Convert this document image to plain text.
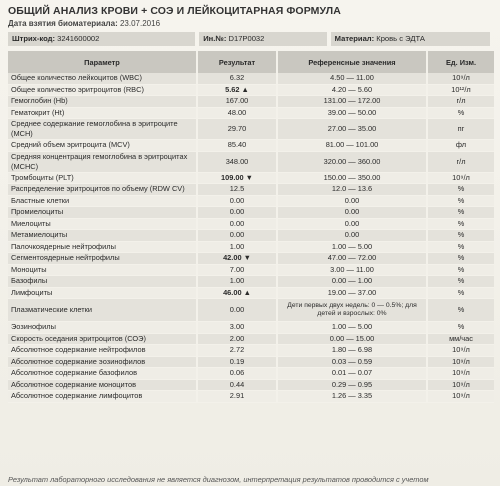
ОБЩИЙ АНАЛИЗ КРОВИ + СОЭ И ЛЕЙКОЦИТАРНАЯ ФОРМУЛА
Дата взятия биоматериала: 23.07.2016
Штрих-код: 3241600002	Ин.№: D17P0032	Материал: Кровь с ЭДТА
Параметр	Результат	Референсные значения	Ед. Изм.
Общее количество лейкоцитов (WBC)	6.32	4.50 — 11.00	10⁹/л
Общее количество эритроцитов (RBC)	5.62 ▲	4.20 — 5.60	10¹²/л
Гемоглобин (Hb)	167.00	131.00 — 172.00	г/л
Гематокрит (Ht)	48.00	39.00 — 50.00	%
Среднее содержание гемоглобина в эритроците (MCH)	29.70	27.00 — 35.00	пг
Средний объем эритроцита (MCV)	85.40	81.00 — 101.00	фл
Средняя концентрация гемоглобина в эритроцитах (MCHC)	348.00	320.00 — 360.00	г/л
Тромбоциты (PLT)	109.00 ▼	150.00 — 350.00	10⁹/л
Распределение эритроцитов по объему (RDW CV)	12.5	12.0 — 13.6	%
Бластные клетки	0.00	0.00	%
Промиелоциты	0.00	0.00	%
Миелоциты	0.00	0.00	%
Метамиелоциты	0.00	0.00	%
Палочкоядерные нейтрофилы	1.00	1.00 — 5.00	%
Сегментоядерные нейтрофилы	42.00 ▼	47.00 — 72.00	%
Моноциты	7.00	3.00 — 11.00	%
Базофилы	1.00	0.00 — 1.00	%
Лимфоциты	46.00 ▲	19.00 — 37.00	%
Плазматические клетки	0.00	Дети первых двух недель: 0 — 0.5%; для детей и взрослых: 0%	%
Эозинофилы	3.00	1.00 — 5.00	%
Скорость оседания эритроцитов (СОЭ)	2.00	0.00 — 15.00	мм/час
Абсолютное содержание нейтрофилов	2.72	1.80 — 6.98	10⁹/л
Абсолютное содержание эозинофилов	0.19	0.03 — 0.59	10⁹/л
Абсолютное содержание базофилов	0.06	0.01 — 0.07	10⁹/л
Абсолютное содержание моноцитов	0.44	0.29 — 0.95	10⁹/л
Абсолютное содержание лимфоцитов	2.91	1.26 — 3.35	10⁹/л
Результат лабораторного исследования не является диагнозом, интерпретация результатов проводится с учетом
